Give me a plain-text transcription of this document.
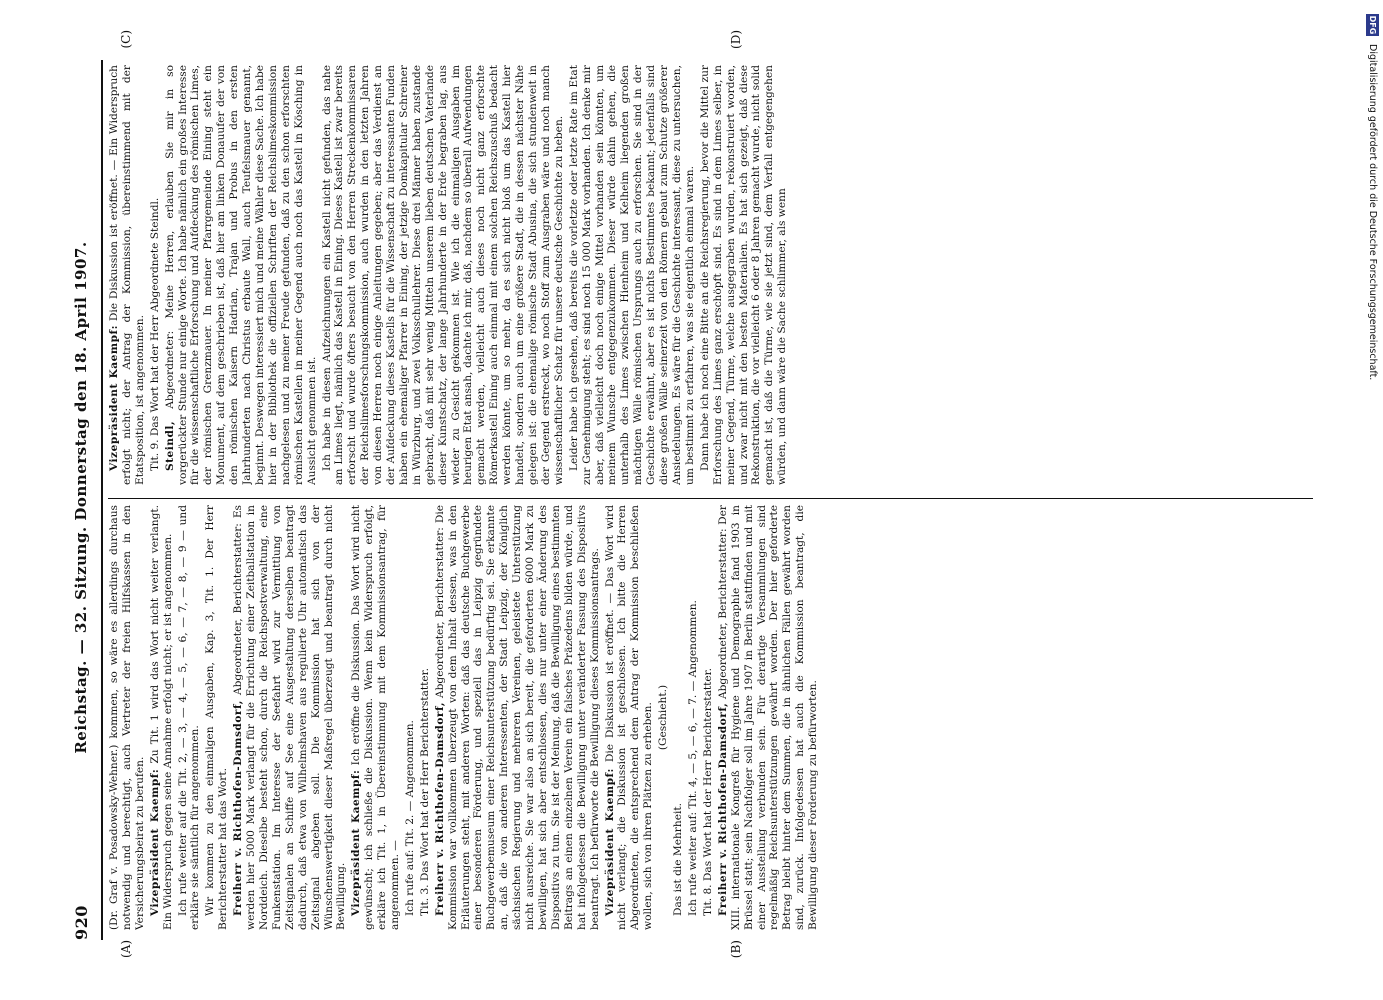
DFG
Digitalisierung gefördert durch die Deutsche Forschungsgemeinschaft.

(Dr. Graf v. Posadowsky-Wehner.) kommen, so wäre es allerdings durchaus notwendig und berechtigt, auch Vertreter der freien Hilfskassen in den Versicherungsbeirat zu berufen. Vizepräsident Kaempf: Zu Tit. 1 wird das Wort nicht weiter verlangt. Ein Widerspruch gegen seine Annahme erfolgt nicht; er ist angenommen. Ich rufe weiter auf die Tit. 2, — 3, — 4, — 5, — 6, — 7, — 8, — 9 — und erkläre sie sämtlich für angenommen. Wir kommen zu den einmaligen Ausgaben, Kap. 3, Tit. 1. Der Herr Berichterstatter hat das Wort. Freiherr v. Richthofen-Damsdorf, Abgeordneter, Berichterstatter: Es werden hier 5000 Mark verlangt für die Errichtung einer Zeitballstation in Norddeich. Dieselbe besteht schon, durch die Reichspostverwaltung, eine Funkenstation. Im Interesse der Seefahrt wird zur Vermittlung von Zeitsignalen an Schiffe auf See eine Ausgestaltung derselben beantragt dadurch, daß etwa von Wilhelmshaven aus regulierte Uhr automatisch das Zeitsignal abgeben soll. Die Kommission hat sich von der Wünschenswertigkeit dieser Maßregel überzeugt und beantragt durch nicht Bewilligung. Vizepräsident Kaempf: Ich eröffne die Diskussion. Das Wort wird nicht gewünscht; ich schließe die Diskussion. Wenn kein Widerspruch erfolgt, erkläre ich Tit. 1, in Übereinstimmung mit dem Kommissionsantrag, für angenommen. — Ich rufe auf: Tit. 2. — Angenommen. Tit. 3. Das Wort hat der Herr Berichterstatter. Freiherr v. Richthofen-Damsdorf, Abgeordneter, Berichterstatter: Die Kommission war vollkommen überzeugt von dem Inhalt dessen, was in den Erläuterungen steht, mit anderen Worten: daß das deutsche Buchgewerbe einer besonderen Förderung, und speziell das in Leipzig gegründete Buchgewerbemuseum einer Reichsunterstützung bedürftig sei. Sie erkannte an, daß die von anderen Interessenten, der Stadt Leipzig, der Königlich sächsischen Regierung und mehreren Vereinen, geleistete Unterstützung nicht ausreiche. Sie war also an sich bereit, die geforderten 6000 Mark zu bewilligen, hat sich aber entschlossen, dies nur unter einer Änderung des Dispositivs zu tun. Sie ist der Meinung, daß die Bewilligung eines bestimmten Beitrags an einen einzelnen Verein ein falsches Präzedens bilden würde, und hat infolgedessen die Bewilligung unter veränderter Fassung des Dispositivs beantragt. Ich befürworte die Bewilligung dieses Kommissionsantrags. Vizepräsident Kaempf: Die Diskussion ist eröffnet. — Das Wort wird nicht verlangt; die Diskussion ist geschlossen. Ich bitte die Herren Abgeordneten, die entsprechend dem Antrag der Kommission beschließen wollen, sich von ihren Plätzen zu erheben. (Geschieht.)

Das ist die Mehrheit. Ich rufe weiter auf: Tit. 4, — 5, — 6, — 7. — Angenommen. Tit. 8. Das Wort hat der Herr Berichterstatter. Freiherr v. Richthofen-Damsdorf, Abgeordneter, Berichterstatter: Der XIII. internationale Kongreß für Hygiene und Demographie fand 1903 in Brüssel statt; sein Nachfolger soll im Jahre 1907 in Berlin stattfinden und mit einer Ausstellung verbunden sein. Für derartige Versammlungen sind regelmäßig Reichsunterstützungen gewährt worden. Der hier geforderte Betrag bleibt hinter dem Summen, die in ähnlichen Fällen gewährt worden sind, zurück. Infolgedessen hat auch die Kommission beantragt, die Bewilligung dieser Forderung zu befürworten.

Vizepräsident Kaempf: Die Diskussion ist eröffnet. — Ein Widerspruch erfolgt nicht; der Antrag der Kommission, übereinstimmend mit der Etatsposition, ist angenommen. Tit. 9. Das Wort hat der Herr Abgeordnete Steindl. Steindl, Abgeordneter: Meine Herren, erlauben Sie mir in so vorgerückter Stunde nur einige Worte. Ich habe nämlich ein großes Interesse für die wissenschaftliche Erforschung und Aufdeckung des römischen Limes, der römischen Grenzmauer. In meiner Pfarrgemeinde Eining steht ein Monument, auf dem geschrieben ist, daß hier am linken Donauufer der von den römischen Kaisern Hadrian, Trajan und Probus in den ersten Jahrhunderten nach Christus erbaute Wall, auch Teufelsmauer genannt, beginnt. Deswegen interessiert mich und meine Wähler diese Sache. Ich habe hier in der Bibliothek die offiziellen Schriften der Reichslimeskommission nachgelesen und zu meiner Freude gefunden, daß zu den schon erforschten römischen Kastellen in meiner Gegend auch noch das Kastell in Kösching in Aussicht genommen ist. Ich habe in diesen Aufzeichnungen ein Kastell nicht gefunden, das nahe am Limes liegt, nämlich das Kastell in Eining. Dieses Kastell ist zwar bereits erforscht und wurde öfters besucht von den Herren Streckenkommissaren der Reichslimesforschungskommission, auch wurden in den letzten Jahren von diesen Herren noch einige Anleitungen gegeben; aber das Verdienst an der Aufdeckung dieses Kastells für die Wissenschaft zu interessanten Funden haben ein ehemaliger Pfarrer in Eining, der jetzige Domkapitular Schreiner in Würzburg, und zwei Volksschullehrer. Diese drei Männer haben zustande gebracht, daß mit sehr wenig Mitteln unserem lieben deutschen Vaterlande dieser Kunstschatz, der lange Jahrhunderte in der Erde begraben lag, aus wieder zu Gesicht gekommen ist. Wie ich die einmaligen Ausgaben im heurigen Etat ansah, dachte ich mir, daß, nachdem so überall Aufwendungen gemacht werden, vielleicht auch dieses noch nicht ganz erforschte Römerkastell Eining auch einmal mit einem solchen Reichszuschuß bedacht werden könnte, um so mehr, da es sich nicht bloß um das Kastell hier handelt, sondern auch um eine größere Stadt, die in dessen nächster Nähe gelegen ist: die ehemalige römische Stadt Abusina, die sich stundenweit in der Gegend erstreckt, wo noch Stoff zum Ausgraben wäre und noch manch wissenschaftlicher Schatz für unsere deutsche Geschichte zu heben. Leider habe ich gesehen, daß bereits die vorletzte oder letzte Rate im Etat zur Genehmigung steht; es sind noch 15 000 Mark vorhanden. Ich denke mir aber, daß vielleicht doch noch einige Mittel vorhanden sein könnten, um meinem Wunsche entgegenzukommen. Dieser würde dahin gehen, die unterhalb des Limes zwischen Hienheim und Kelheim liegenden großen mächtigen Wälle römischen Ursprungs auch zu erforschen. Sie sind in der Geschichte erwähnt, aber es ist nichts Bestimmtes bekannt; jedenfalls sind diese großen Wälle seinerzeit von den Römern gebaut zum Schutze größerer Ansiedelungen. Es wäre für die Geschichte interessant, diese zu untersuchen, um bestimmt zu erfahren, was sie eigentlich einmal waren. Dann habe ich noch eine Bitte an die Reichsregierung, bevor die Mittel zur Erforschung des Limes ganz erschöpft sind. Es sind in dem Limes selber, in meiner Gegend, Türme, welche ausgegraben wurden, rekonstruiert worden, und zwar nicht mit den besten Materialien. Es hat sich gezeigt, daß diese Rekonstruktion, die vor vielleicht 6 oder 8 Jahren gemacht wurde, nicht solid gemacht ist, daß die Türme, wie sie jetzt sind, dem Verfall entgegengehen würden, und dann wäre die Sache schlimmer, als wenn

920
Reichstag. — 32. Sitzung. Donnerstag den 18. April 1907.
(A)	(B)
(C)	(D)
